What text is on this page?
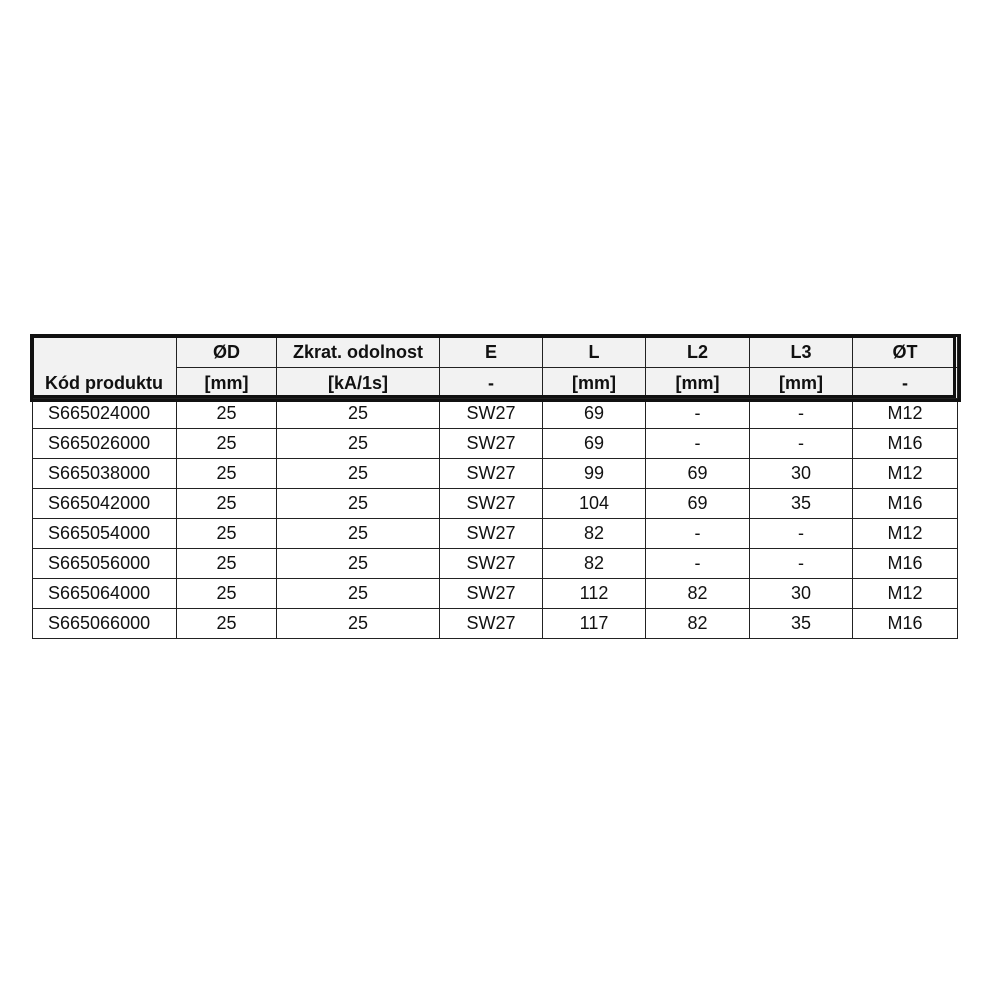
Kód produktu	ØD	Zkrat. odolnost	E	L	L2	L3	ØT
	[mm]	[kA/1s]	-	[mm]	[mm]	[mm]	-
S665024000	25	25	SW27	69	-	-	M12
S665026000	25	25	SW27	69	-	-	M16
S665038000	25	25	SW27	99	69	30	M12
S665042000	25	25	SW27	104	69	35	M16
S665054000	25	25	SW27	82	-	-	M12
S665056000	25	25	SW27	82	-	-	M16
S665064000	25	25	SW27	112	82	30	M12
S665066000	25	25	SW27	117	82	35	M16
